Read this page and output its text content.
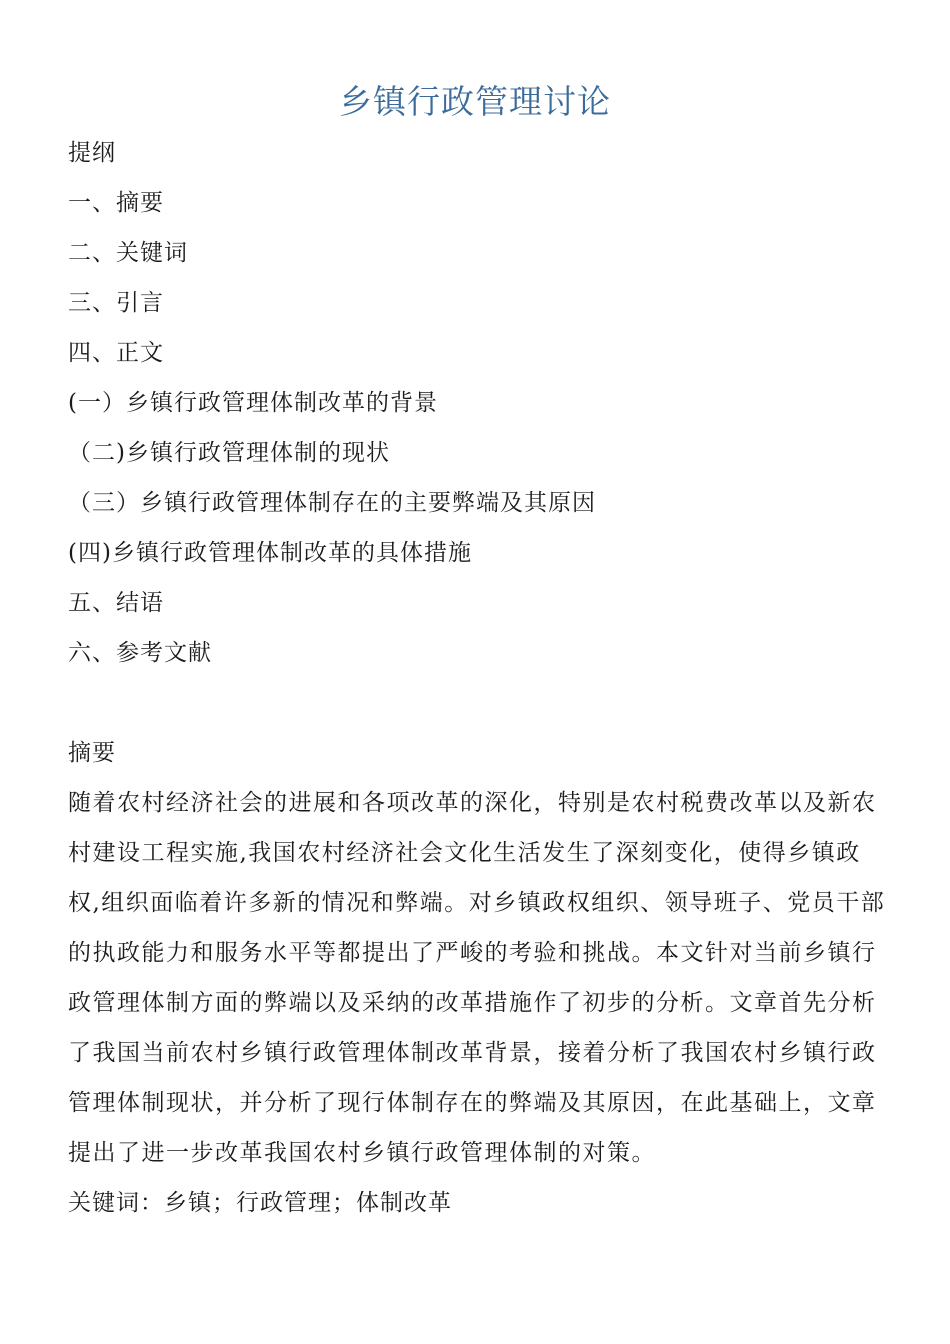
乡镇行政管理讨论
提纲
一、摘要
二、关键词
三、引言
四、正文
(一）乡镇行政管理体制改革的背景
（二)乡镇行政管理体制的现状
（三）乡镇行政管理体制存在的主要弊端及其原因
(四)乡镇行政管理体制改革的具体措施
五、结语
六、参考文献
摘要
随着农村经济社会的进展和各项改革的深化，特别是农村税费改革以及新农村建设工程实施,我国农村经济社会文化生活发生了深刻变化，使得乡镇政权,组织面临着许多新的情况和弊端。对乡镇政权组织、领导班子、党员干部的执政能力和服务水平等都提出了严峻的考验和挑战。本文针对当前乡镇行政管理体制方面的弊端以及采纳的改革措施作了初步的分析。文章首先分析了我国当前农村乡镇行政管理体制改革背景，接着分析了我国农村乡镇行政管理体制现状，并分析了现行体制存在的弊端及其原因，在此基础上，文章提出了进一步改革我国农村乡镇行政管理体制的对策。
关键词：乡镇；行政管理；体制改革
